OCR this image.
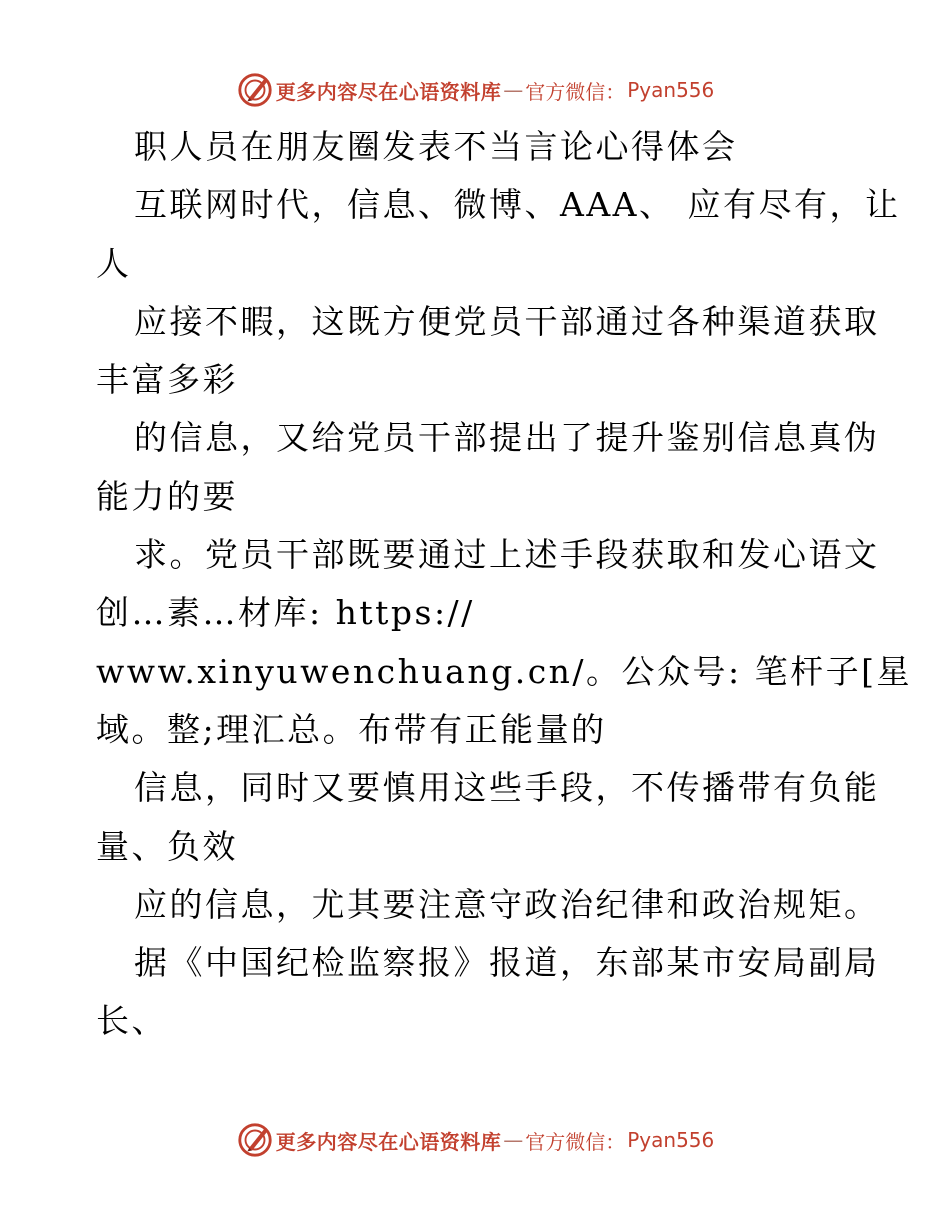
更多内容尽在心语资料库 — 官方微信： Pyan556
职人员在朋友圈发表不当言论心得体会
互联网时代，信息、微博、AAA、 应有尽有，让
人
应接不暇，这既方便党员干部通过各种渠道获取
丰富多彩
的信息，又给党员干部提出了提升鉴别信息真伪
能力的要
求。党员干部既要通过上述手段获取和发心语文
创…素…材库: https://
www.xinyuwenchuang.cn/。公众号: 笔杆子[星
域。整;理汇总。布带有正能量的
信息，同时又要慎用这些手段，不传播带有负能
量、负效
应的信息，尤其要注意守政治纪律和政治规矩。
据《中国纪检监察报》报道，东部某市安局副局
长、
更多内容尽在心语资料库 — 官方微信： Pyan556
